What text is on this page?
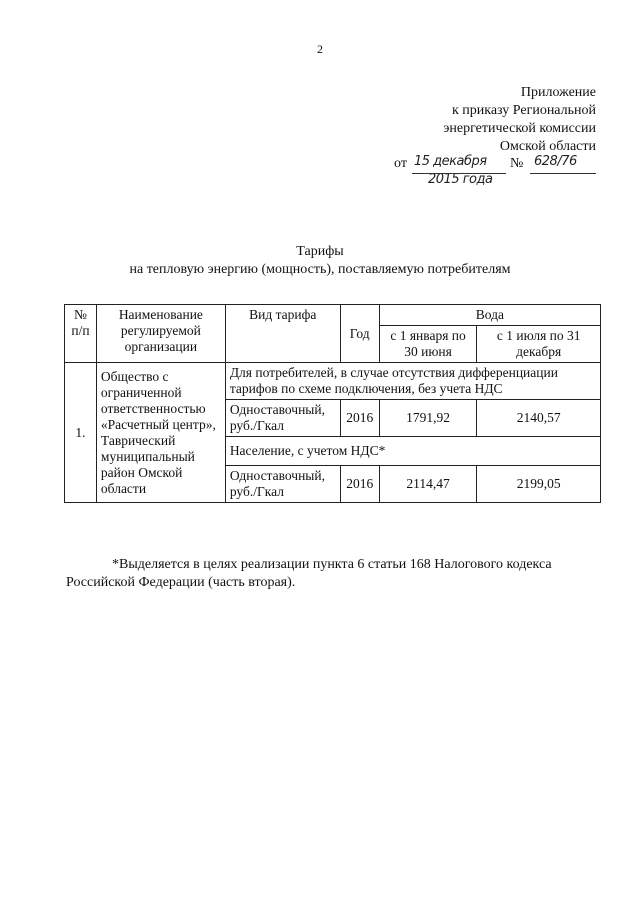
2
Приложение
к приказу Региональной
энергетической комиссии
Омской области
от 15 декабря № 628/76
2015 года
Тарифы
на тепловую энергию (мощность), поставляемую потребителям
№
п/п	Наименование регулируемой организации	Вид тарифа	Год	Вода	
				с 1 января по 30 июня	с 1 июля по 31 декабря
1.	Общество с ограниченной ответственностью «Расчетный центр», Таврический муниципальный район Омской области	Для потребителей, в случае отсутствия дифференциации тарифов по схеме подключения, без учета НДС			
		Одноставочный, руб./Гкал	2016	1791,92	2140,57
		Население, с учетом НДС*			
		Одноставочный, руб./Гкал	2016	2114,47	2199,05
*Выделяется в целях реализации пункта 6 статьи 168 Налогового кодекса Российской Федерации (часть вторая).
